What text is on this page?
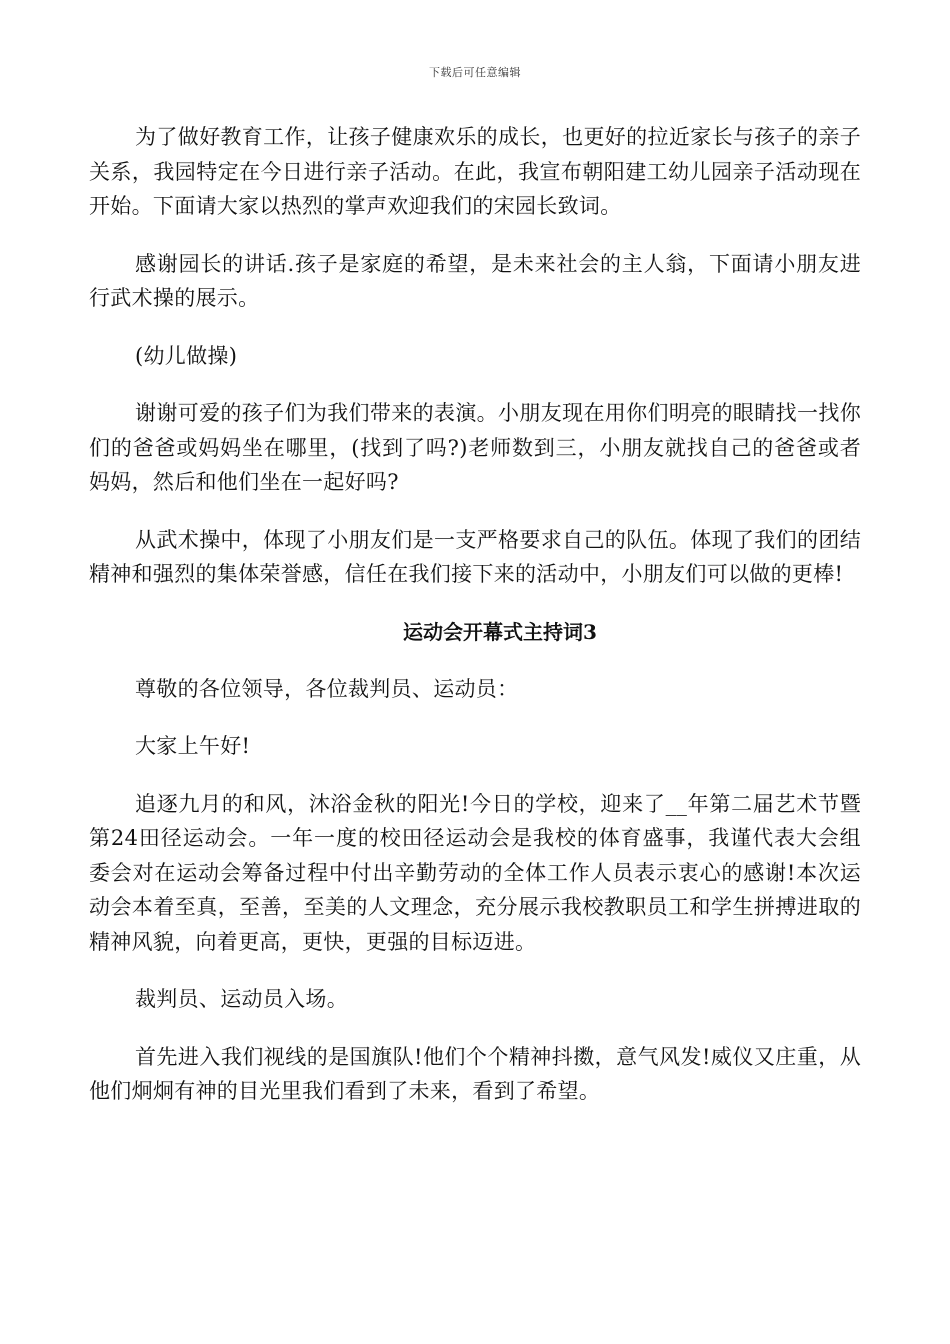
下载后可任意编辑

为了做好教育工作，让孩子健康欢乐的成长，也更好的拉近家长与孩子的亲子关系，我园特定在今日进行亲子活动。在此，我宣布朝阳建工幼儿园亲子活动现在开始。下面请大家以热烈的掌声欢迎我们的宋园长致词。

感谢园长的讲话.孩子是家庭的希望，是未来社会的主人翁，下面请小朋友进行武术操的展示。

(幼儿做操)

谢谢可爱的孩子们为我们带来的表演。小朋友现在用你们明亮的眼睛找一找你们的爸爸或妈妈坐在哪里，(找到了吗?)老师数到三，小朋友就找自己的爸爸或者妈妈，然后和他们坐在一起好吗?

从武术操中，体现了小朋友们是一支严格要求自己的队伍。体现了我们的团结精神和强烈的集体荣誉感，信任在我们接下来的活动中，小朋友们可以做的更棒!

运动会开幕式主持词3

尊敬的各位领导，各位裁判员、运动员：

大家上午好!

追逐九月的和风，沐浴金秋的阳光!今日的学校，迎来了__年第二届艺术节暨第24田径运动会。一年一度的校田径运动会是我校的体育盛事，我谨代表大会组委会对在运动会筹备过程中付出辛勤劳动的全体工作人员表示衷心的感谢!本次运动会本着至真，至善，至美的人文理念，充分展示我校教职员工和学生拼搏进取的精神风貌，向着更高，更快，更强的目标迈进。

裁判员、运动员入场。

首先进入我们视线的是国旗队!他们个个精神抖擞，意气风发!威仪又庄重，从他们炯炯有神的目光里我们看到了未来，看到了希望。
